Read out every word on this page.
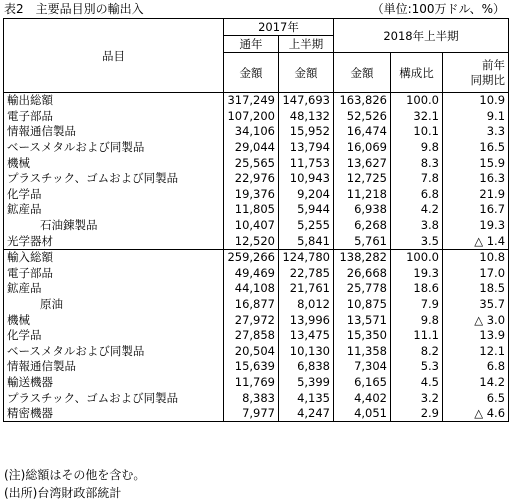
表2　主要品目別の輸出入	（単位:100万ドル、%）
品目	2017年		2018年上半期		
	通年	上半期			
	金額	金額	金額	構成比	前年
同期比
輸出総額	317,249	147,693	163,826	100.0	10.9
電子部品	107,200	48,132	52,526	32.1	9.1
情報通信製品	34,106	15,952	16,474	10.1	3.3
ベースメタルおよび同製品	29,044	13,794	16,069	9.8	16.5
機械	25,565	11,753	13,627	8.3	15.9
プラスチック、ゴムおよび同製品	22,976	10,943	12,725	7.8	16.3
化学品	19,376	9,204	11,218	6.8	21.9
鉱産品	11,805	5,944	6,938	4.2	16.7
石油錬製品	10,407	5,255	6,268	3.8	19.3
光学器材	12,520	5,841	5,761	3.5	△ 1.4
輸入総額	259,266	124,780	138,282	100.0	10.8
電子部品	49,469	22,785	26,668	19.3	17.0
鉱産品	44,108	21,761	25,778	18.6	18.5
原油	16,877	8,012	10,875	7.9	35.7
機械	27,972	13,996	13,571	9.8	△ 3.0
化学品	27,858	13,475	15,350	11.1	13.9
ベースメタルおよび同製品	20,504	10,130	11,358	8.2	12.1
情報通信製品	15,639	6,838	7,304	5.3	6.8
輸送機器	11,769	5,399	6,165	4.5	14.2
プラスチック、ゴムおよび同製品	8,383	4,135	4,402	3.2	6.5
精密機器	7,977	4,247	4,051	2.9	△ 4.6
(注)総額はその他を含む。
(出所)台湾財政部統計
